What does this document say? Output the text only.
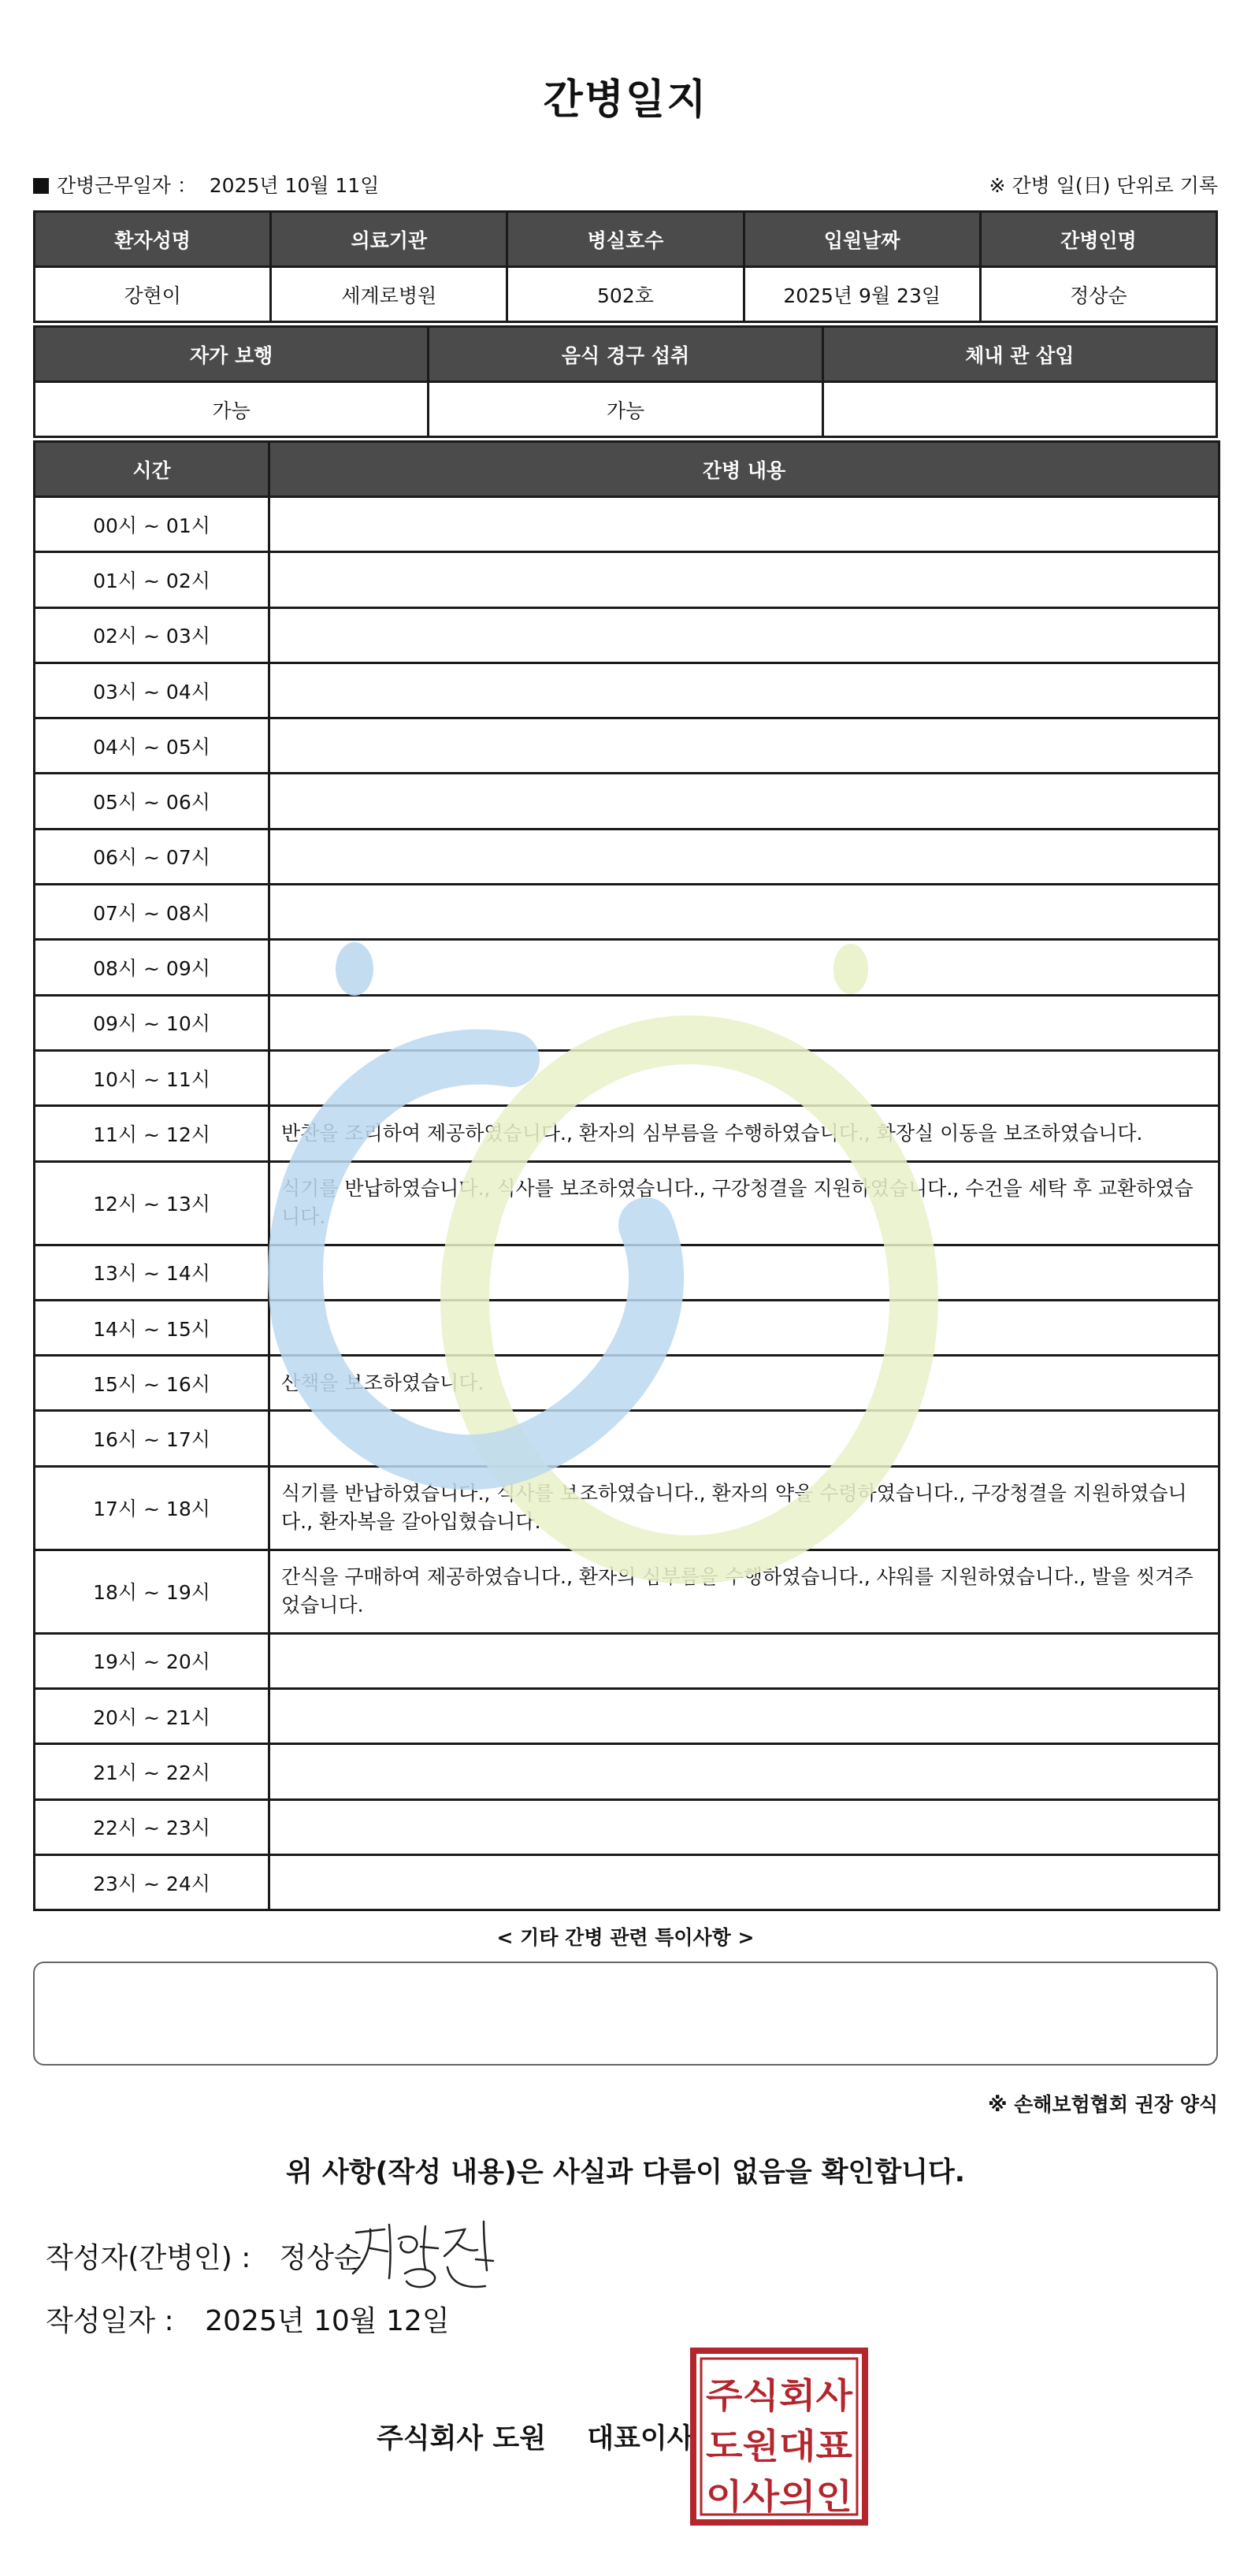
간병일지
간병근무일자 ： 2025년 10월 11일	※ 간병 일(日) 단위로 기록
환자성명	의료기관	병실호수	입원날짜	간병인명
강현이	세계로병원	502호	2025년 9월 23일	정상순
자가 보행	음식 경구 섭취	체내 관 삽입
가능	가능	
시간	간병 내용
00시 ~ 01시	
01시 ~ 02시	
02시 ~ 03시	
03시 ~ 04시	
04시 ~ 05시	
05시 ~ 06시	
06시 ~ 07시	
07시 ~ 08시	
08시 ~ 09시	
09시 ~ 10시	
10시 ~ 11시	
11시 ~ 12시	반찬을 조리하여 제공하였습니다., 환자의 심부름을 수행하였습니다., 화장실 이동을 보조하였습니다.
12시 ~ 13시	식기를 반납하였습니다., 식사를 보조하였습니다., 구강청결을 지원하였습니다., 수건을 세탁 후 교환하였습니다.
13시 ~ 14시	
14시 ~ 15시	
15시 ~ 16시	산책을 보조하였습니다.
16시 ~ 17시	
17시 ~ 18시	식기를 반납하였습니다., 식사를 보조하였습니다., 환자의 약을 수령하였습니다., 구강청결을 지원하였습니다., 환자복을 갈아입혔습니다.
18시 ~ 19시	간식을 구매하여 제공하였습니다., 환자의 심부름을 수행하였습니다., 샤워를 지원하였습니다., 발을 씻겨주었습니다.
19시 ~ 20시	
20시 ~ 21시	
21시 ~ 22시	
22시 ~ 23시	
23시 ~ 24시	
< 기타 간병 관련 특이사항 >
※ 손해보험협회 권장 양식
위 사항(작성 내용)은 사실과 다름이 없음을 확인합니다.
작성자(간병인) : 정상순
작성일자 : 2025년 10월 12일
주식회사 도원 대표이사
주식회사
도원대표
이사의인
